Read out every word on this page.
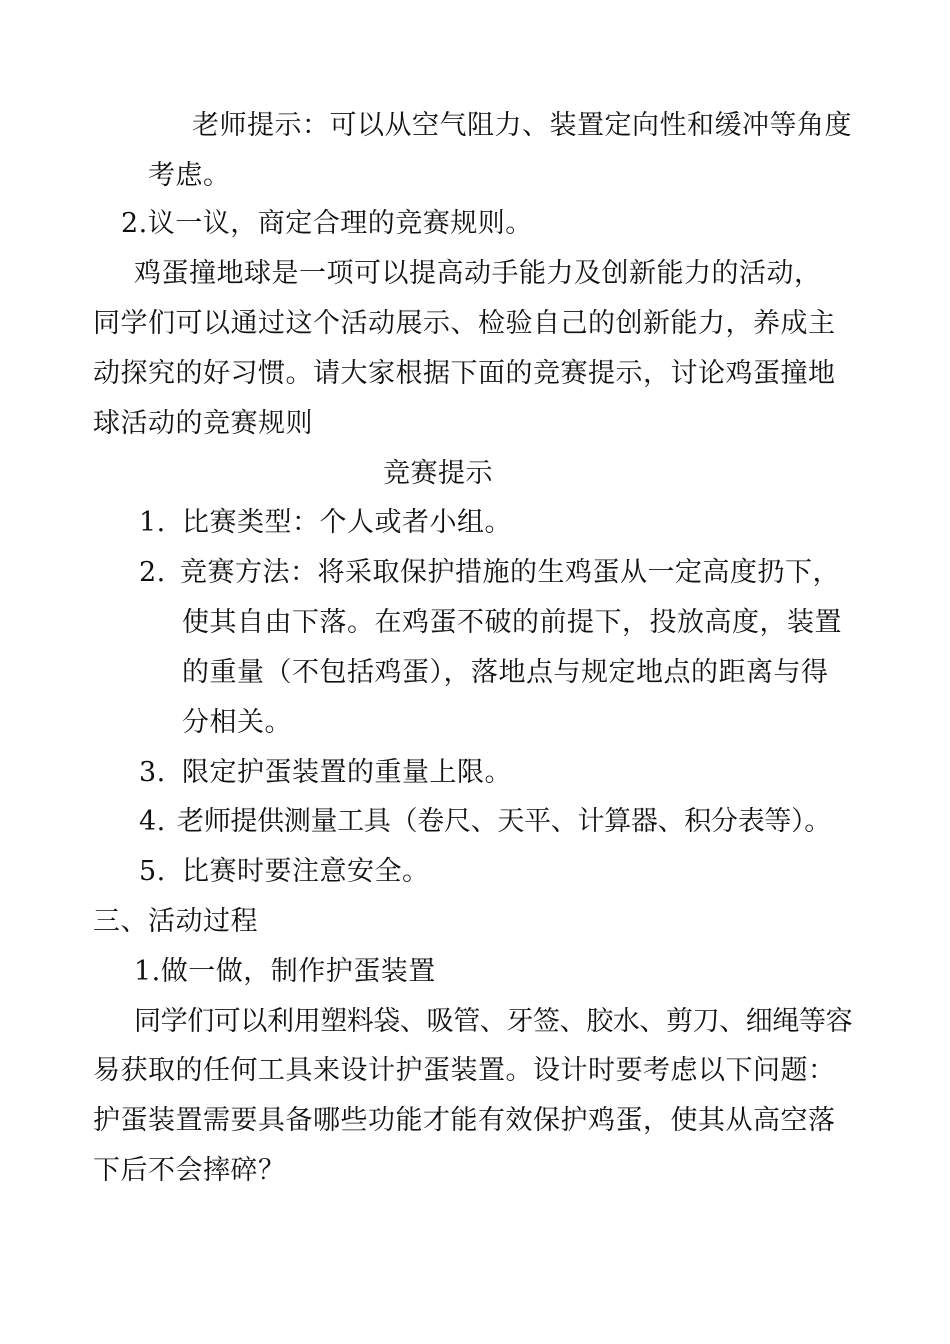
老师提示：可以从空气阻力、装置定向性和缓冲等角度
考虑。
2.议一议，商定合理的竞赛规则。
鸡蛋撞地球是一项可以提高动手能力及创新能力的活动，
同学们可以通过这个活动展示、检验自己的创新能力，养成主
动探究的好习惯。请大家根据下面的竞赛提示，讨论鸡蛋撞地
球活动的竞赛规则
竞赛提示
1. 比赛类型：个人或者小组。
2. 竞赛方法：将采取保护措施的生鸡蛋从一定高度扔下，
使其自由下落。在鸡蛋不破的前提下，投放高度，装置
的重量（不包括鸡蛋），落地点与规定地点的距离与得
分相关。
3. 限定护蛋装置的重量上限。
4. 老师提供测量工具（卷尺、天平、计算器、积分表等）。
5. 比赛时要注意安全。
三、活动过程
1.做一做，制作护蛋装置
同学们可以利用塑料袋、吸管、牙签、胶水、剪刀、细绳等容
易获取的任何工具来设计护蛋装置。设计时要考虑以下问题：
护蛋装置需要具备哪些功能才能有效保护鸡蛋，使其从高空落
下后不会摔碎？
